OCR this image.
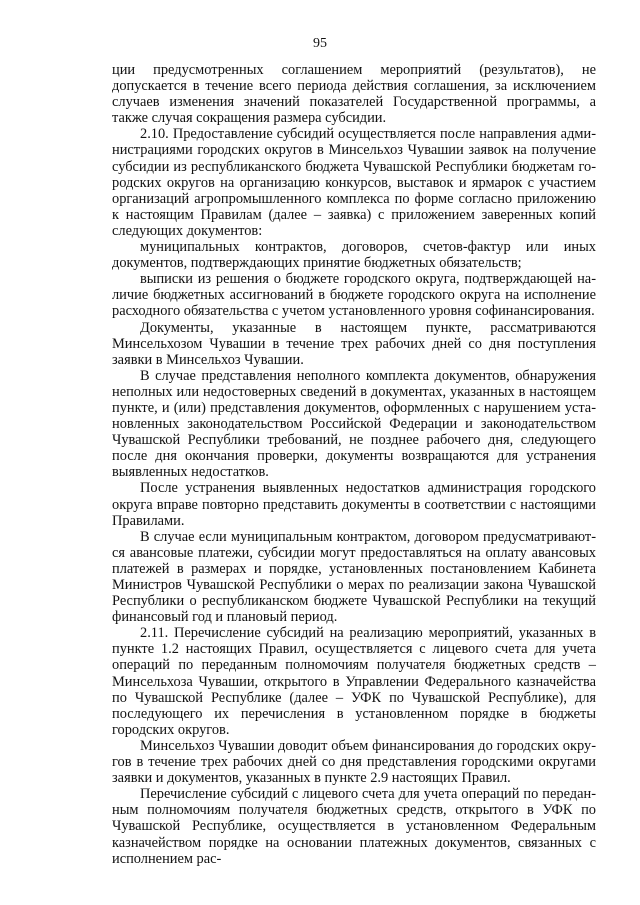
95

ции предусмотренных соглашением мероприятий (результатов), не допускается в течение всего периода действия соглашения, за исключением случаев изменения значений показателей Государственной программы, а также случая сокращения размера субсидии.

2.10. Предоставление субсидий осуществляется после направления администрациями городских округов в Минсельхоз Чувашии заявок на получение субсидии из республиканского бюджета Чувашской Республики бюджетам городских округов на организацию конкурсов, выставок и ярмарок с участием организаций агропромышленного комплекса по форме согласно приложению к настоящим Правилам (далее – заявка) с приложением заверенных копий следующих документов:

муниципальных контрактов, договоров, счетов-фактур или иных документов, подтверждающих принятие бюджетных обязательств;

выписки из решения о бюджете городского округа, подтверждающей наличие бюджетных ассигнований в бюджете городского округа на исполнение расходного обязательства с учетом установленного уровня софинансирования.

Документы, указанные в настоящем пункте, рассматриваются Минсельхозом Чувашии в течение трех рабочих дней со дня поступления заявки в Минсельхоз Чувашии.

В случае представления неполного комплекта документов, обнаружения неполных или недостоверных сведений в документах, указанных в настоящем пункте, и (или) представления документов, оформленных с нарушением установленных законодательством Российской Федерации и законодательством Чувашской Республики требований, не позднее рабочего дня, следующего после дня окончания проверки, документы возвращаются для устранения выявленных недостатков.

После устранения выявленных недостатков администрация городского округа вправе повторно представить документы в соответствии с настоящими Правилами.

В случае если муниципальным контрактом, договором предусматриваются авансовые платежи, субсидии могут предоставляться на оплату авансовых платежей в размерах и порядке, установленных постановлением Кабинета Министров Чувашской Республики о мерах по реализации закона Чувашской Республики о республиканском бюджете Чувашской Республики на текущий финансовый год и плановый период.

2.11. Перечисление субсидий на реализацию мероприятий, указанных в пункте 1.2 настоящих Правил, осуществляется с лицевого счета для учета операций по переданным полномочиям получателя бюджетных средств – Минсельхоза Чувашии, открытого в Управлении Федерального казначейства по Чувашской Республике (далее – УФК по Чувашской Республике), для последующего их перечисления в установленном порядке в бюджеты городских округов.

Минсельхоз Чувашии доводит объем финансирования до городских округов в течение трех рабочих дней со дня представления городскими округами заявки и документов, указанных в пункте 2.9 настоящих Правил.

Перечисление субсидий с лицевого счета для учета операций по переданным полномочиям получателя бюджетных средств, открытого в УФК по Чувашской Республике, осуществляется в установленном Федеральным казначейством порядке на основании платежных документов, связанных с исполнением рас-
